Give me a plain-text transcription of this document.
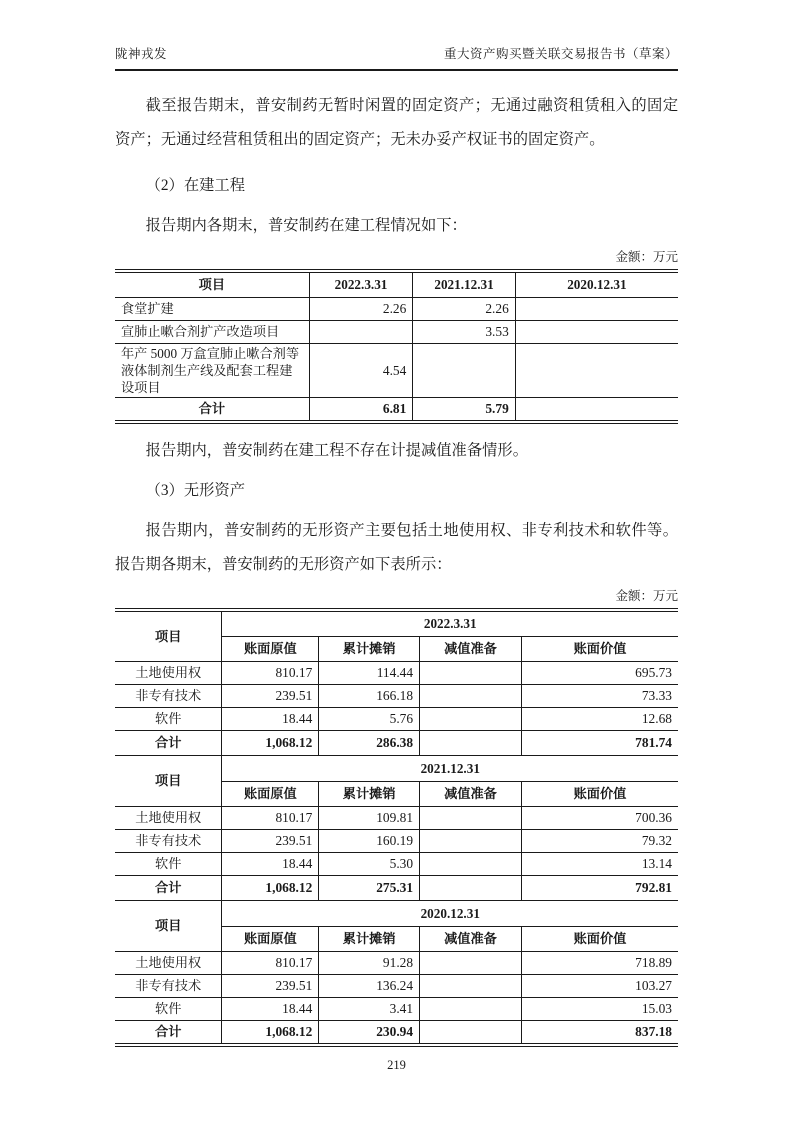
陇神戎发	重大资产购买暨关联交易报告书（草案）

截至报告期末，普安制药无暂时闲置的固定资产；无通过融资租赁租入的固定资产；无通过经营租赁租出的固定资产；无未办妥产权证书的固定资产。

（2）在建工程

报告期内各期末，普安制药在建工程情况如下：

金额：万元
项目	2022.3.31	2021.12.31	2020.12.31
食堂扩建	2.26	2.26	
宣肺止嗽合剂扩产改造项目		3.53	
年产 5000 万盒宣肺止嗽合剂等液体制剂生产线及配套工程建设项目	4.54		
合计	6.81	5.79	

报告期内，普安制药在建工程不存在计提减值准备情形。

（3）无形资产

报告期内，普安制药的无形资产主要包括土地使用权、非专利技术和软件等。报告期各期末，普安制药的无形资产如下表所示：

金额：万元
项目	2022.3.31			
	账面原值	累计摊销	减值准备	账面价值
土地使用权	810.17	114.44		695.73
非专有技术	239.51	166.18		73.33
软件	18.44	5.76		12.68
合计	1,068.12	286.38		781.74
项目	2021.12.31			
	账面原值	累计摊销	减值准备	账面价值
土地使用权	810.17	109.81		700.36
非专有技术	239.51	160.19		79.32
软件	18.44	5.30		13.14
合计	1,068.12	275.31		792.81
项目	2020.12.31			
	账面原值	累计摊销	减值准备	账面价值
土地使用权	810.17	91.28		718.89
非专有技术	239.51	136.24		103.27
软件	18.44	3.41		15.03
合计	1,068.12	230.94		837.18
219
